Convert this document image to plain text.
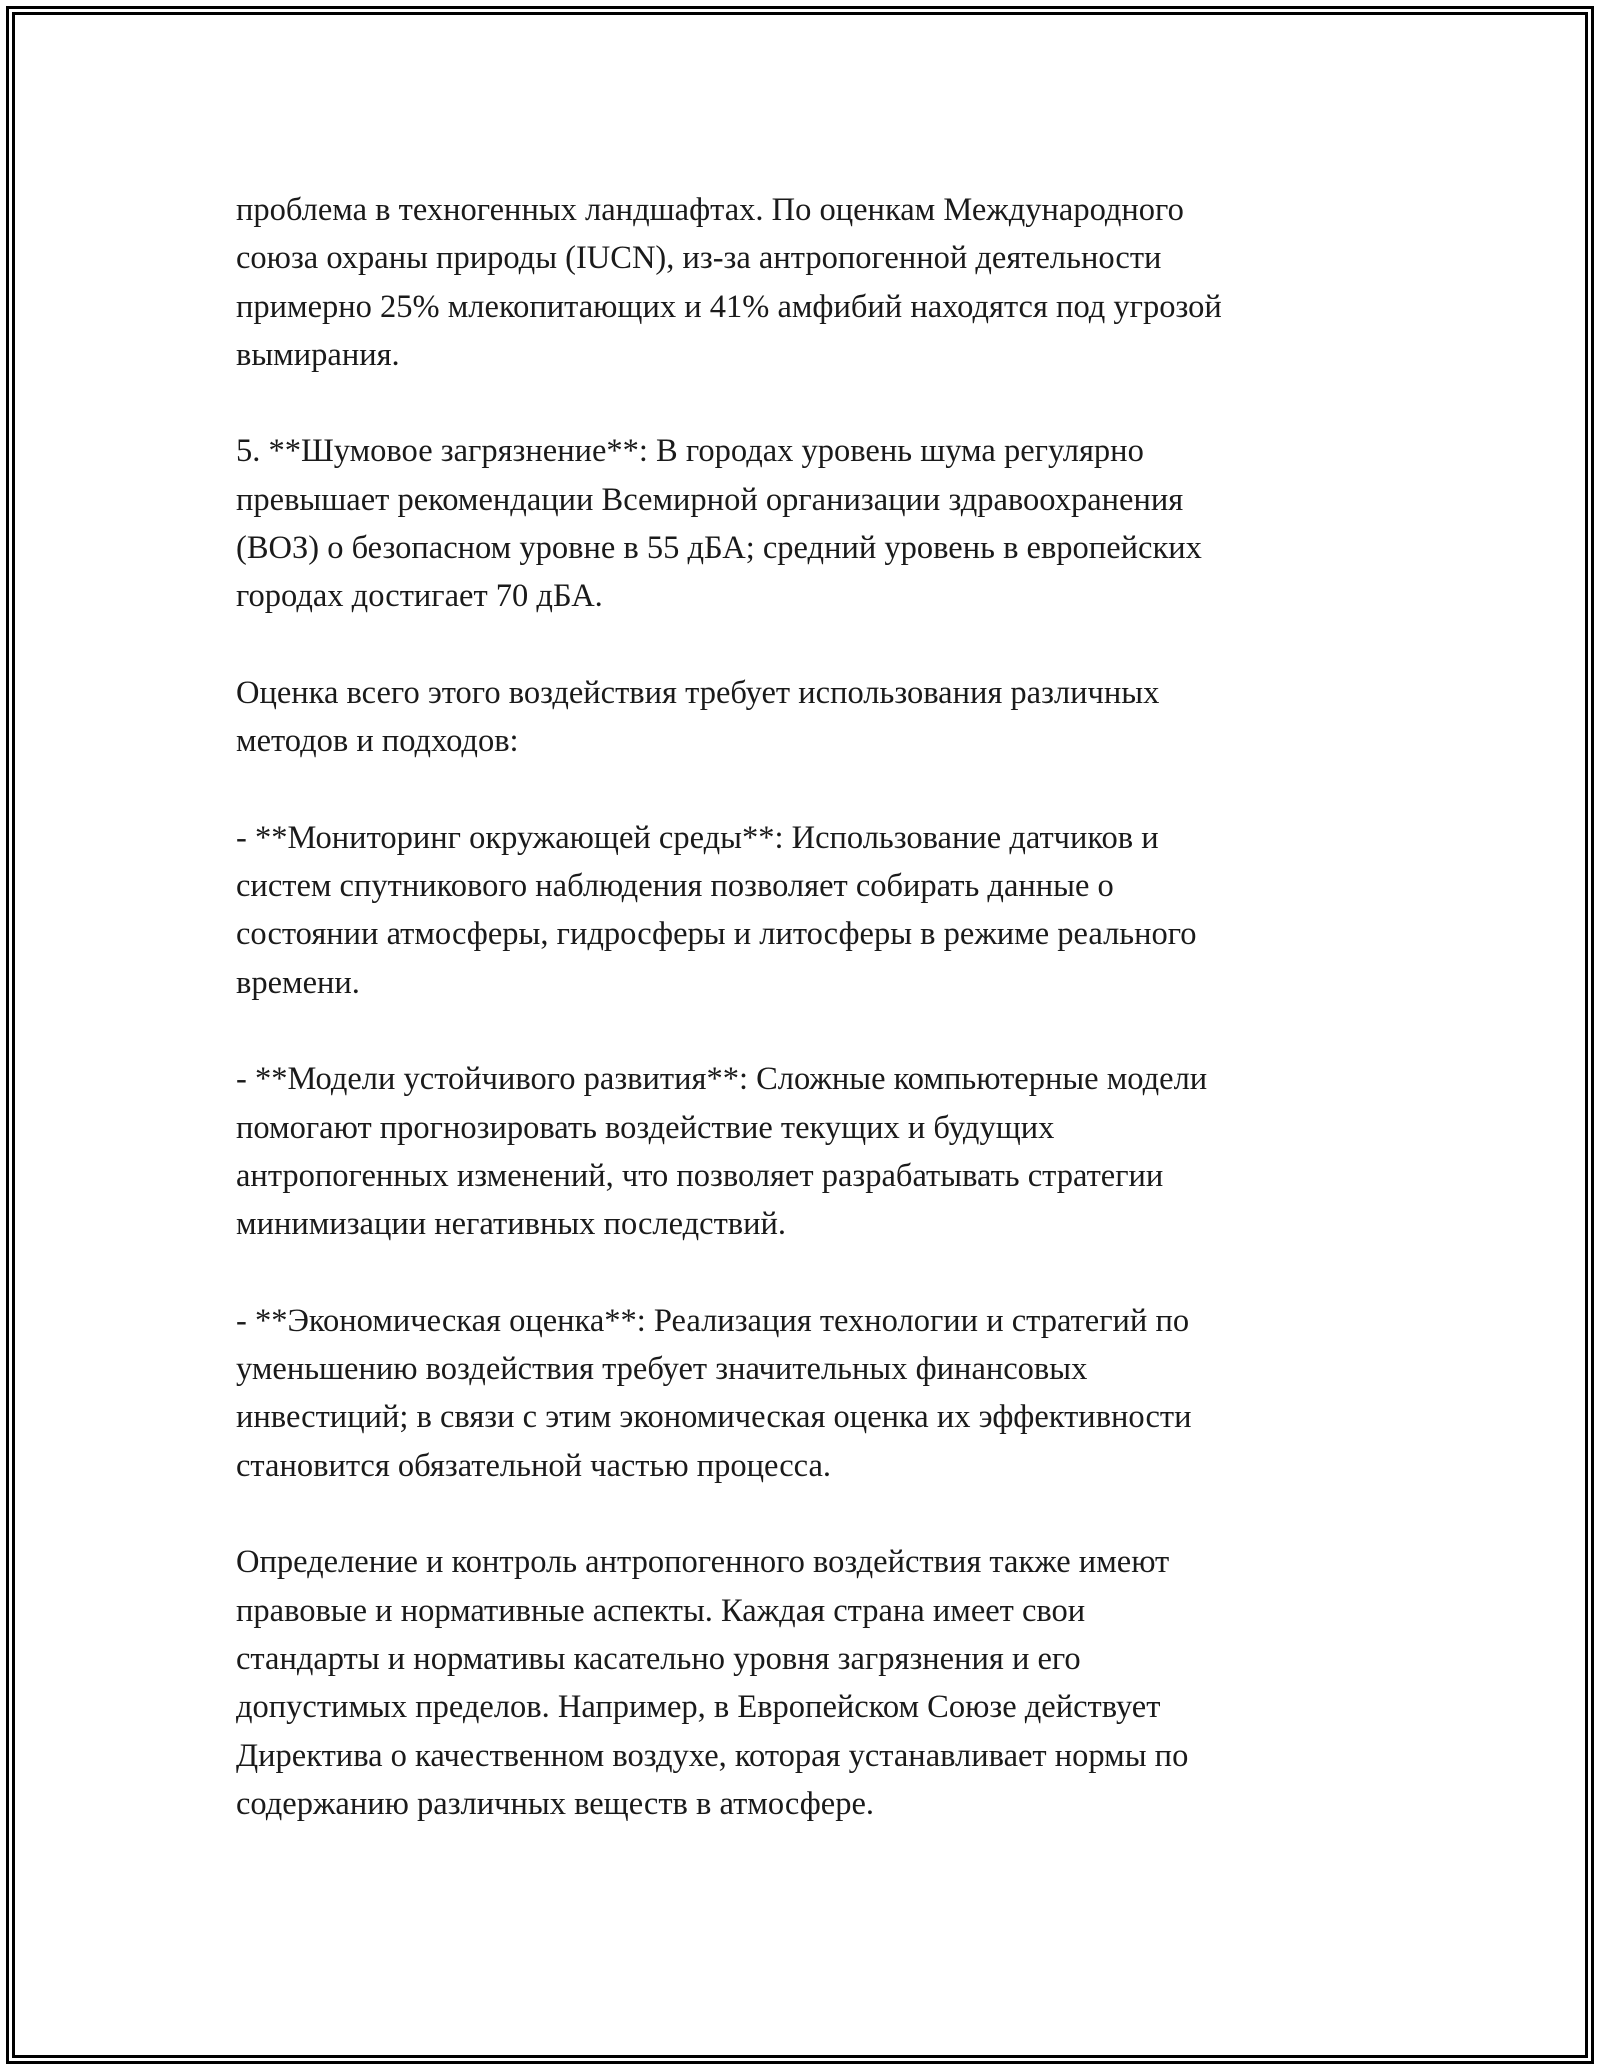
проблема в техногенных ландшафтах. По оценкам Международного
союза охраны природы (IUCN), из-за антропогенной деятельности
примерно 25% млекопитающих и 41% амфибий находятся под угрозой
вымирания.

5. **Шумовое загрязнение**: В городах уровень шума регулярно
превышает рекомендации Всемирной организации здравоохранения
(ВОЗ) о безопасном уровне в 55 дБА; средний уровень в европейских
городах достигает 70 дБА.

Оценка всего этого воздействия требует использования различных
методов и подходов:

- **Мониторинг окружающей среды**: Использование датчиков и
систем спутникового наблюдения позволяет собирать данные о
состоянии атмосферы, гидросферы и литосферы в режиме реального
времени.

- **Модели устойчивого развития**: Сложные компьютерные модели
помогают прогнозировать воздействие текущих и будущих
антропогенных изменений, что позволяет разрабатывать стратегии
минимизации негативных последствий.

- **Экономическая оценка**: Реализация технологии и стратегий по
уменьшению воздействия требует значительных финансовых
инвестиций; в связи с этим экономическая оценка их эффективности
становится обязательной частью процесса.

Определение и контроль антропогенного воздействия также имеют
правовые и нормативные аспекты. Каждая страна имеет свои
стандарты и нормативы касательно уровня загрязнения и его
допустимых пределов. Например, в Европейском Союзе действует
Директива о качественном воздухе, которая устанавливает нормы по
содержанию различных веществ в атмосфере.
